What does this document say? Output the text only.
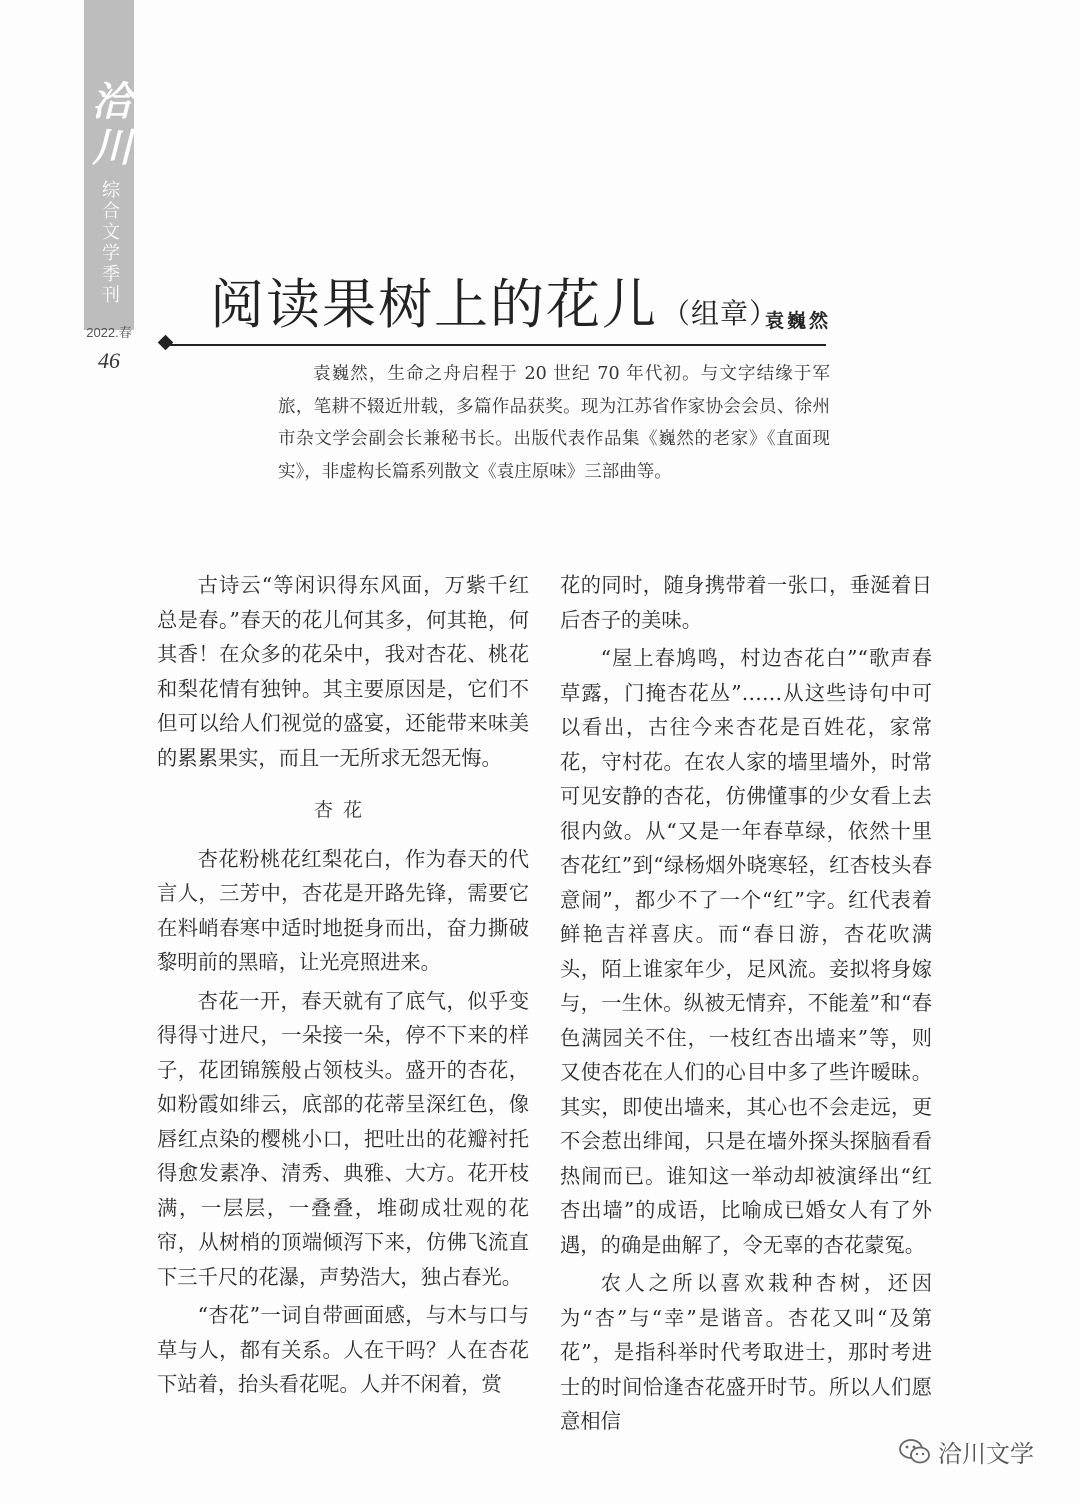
洽川
综合文学季刊
2022.春
46
阅读果树上的花儿 （组章）
袁巍然

袁巍然，生命之舟启程于 20 世纪 70 年代初。与文字结缘于军旅，笔耕不辍近卅载，多篇作品获奖。现为江苏省作家协会会员、徐州市杂文学会副会长兼秘书长。出版代表作品集《巍然的老家》《直面现实》，非虚构长篇系列散文《袁庄原味》三部曲等。

古诗云“等闲识得东风面，万紫千红总是春。”春天的花儿何其多，何其艳，何其香！在众多的花朵中，我对杏花、桃花和梨花情有独钟。其主要原因是，它们不但可以给人们视觉的盛宴，还能带来味美的累累果实，而且一无所求无怨无悔。

杏花

杏花粉桃花红梨花白，作为春天的代言人，三芳中，杏花是开路先锋，需要它在料峭春寒中适时地挺身而出，奋力撕破黎明前的黑暗，让光亮照进来。

杏花一开，春天就有了底气，似乎变得得寸进尺，一朵接一朵，停不下来的样子，花团锦簇般占领枝头。盛开的杏花，如粉霞如绯云，底部的花蒂呈深红色，像唇红点染的樱桃小口，把吐出的花瓣衬托得愈发素净、清秀、典雅、大方。花开枝满，一层层，一叠叠，堆砌成壮观的花帘，从树梢的顶端倾泻下来，仿佛飞流直下三千尺的花瀑，声势浩大，独占春光。

“杏花”一词自带画面感，与木与口与草与人，都有关系。人在干吗？人在杏花下站着，抬头看花呢。人并不闲着，赏

花的同时，随身携带着一张口，垂涎着日后杏子的美味。

“屋上春鸠鸣，村边杏花白”“歌声春草露，门掩杏花丛”……从这些诗句中可以看出，古往今来杏花是百姓花，家常花，守村花。在农人家的墙里墙外，时常可见安静的杏花，仿佛懂事的少女看上去很内敛。从“又是一年春草绿，依然十里杏花红”到“绿杨烟外晓寒轻，红杏枝头春意闹”，都少不了一个“红”字。红代表着鲜艳吉祥喜庆。而“春日游，杏花吹满头，陌上谁家年少，足风流。妾拟将身嫁与，一生休。纵被无情弃，不能羞”和“春色满园关不住，一枝红杏出墙来”等，则又使杏花在人们的心目中多了些许暧昧。其实，即使出墙来，其心也不会走远，更不会惹出绯闻，只是在墙外探头探脑看看热闹而已。谁知这一举动却被演绎出“红杏出墙”的成语，比喻成已婚女人有了外遇，的确是曲解了，令无辜的杏花蒙冤。

农人之所以喜欢栽种杏树，还因为“杏”与“幸”是谐音。杏花又叫“及第花”，是指科举时代考取进士，那时考进士的时间恰逢杏花盛开时节。所以人们愿意相信

洽川文学
